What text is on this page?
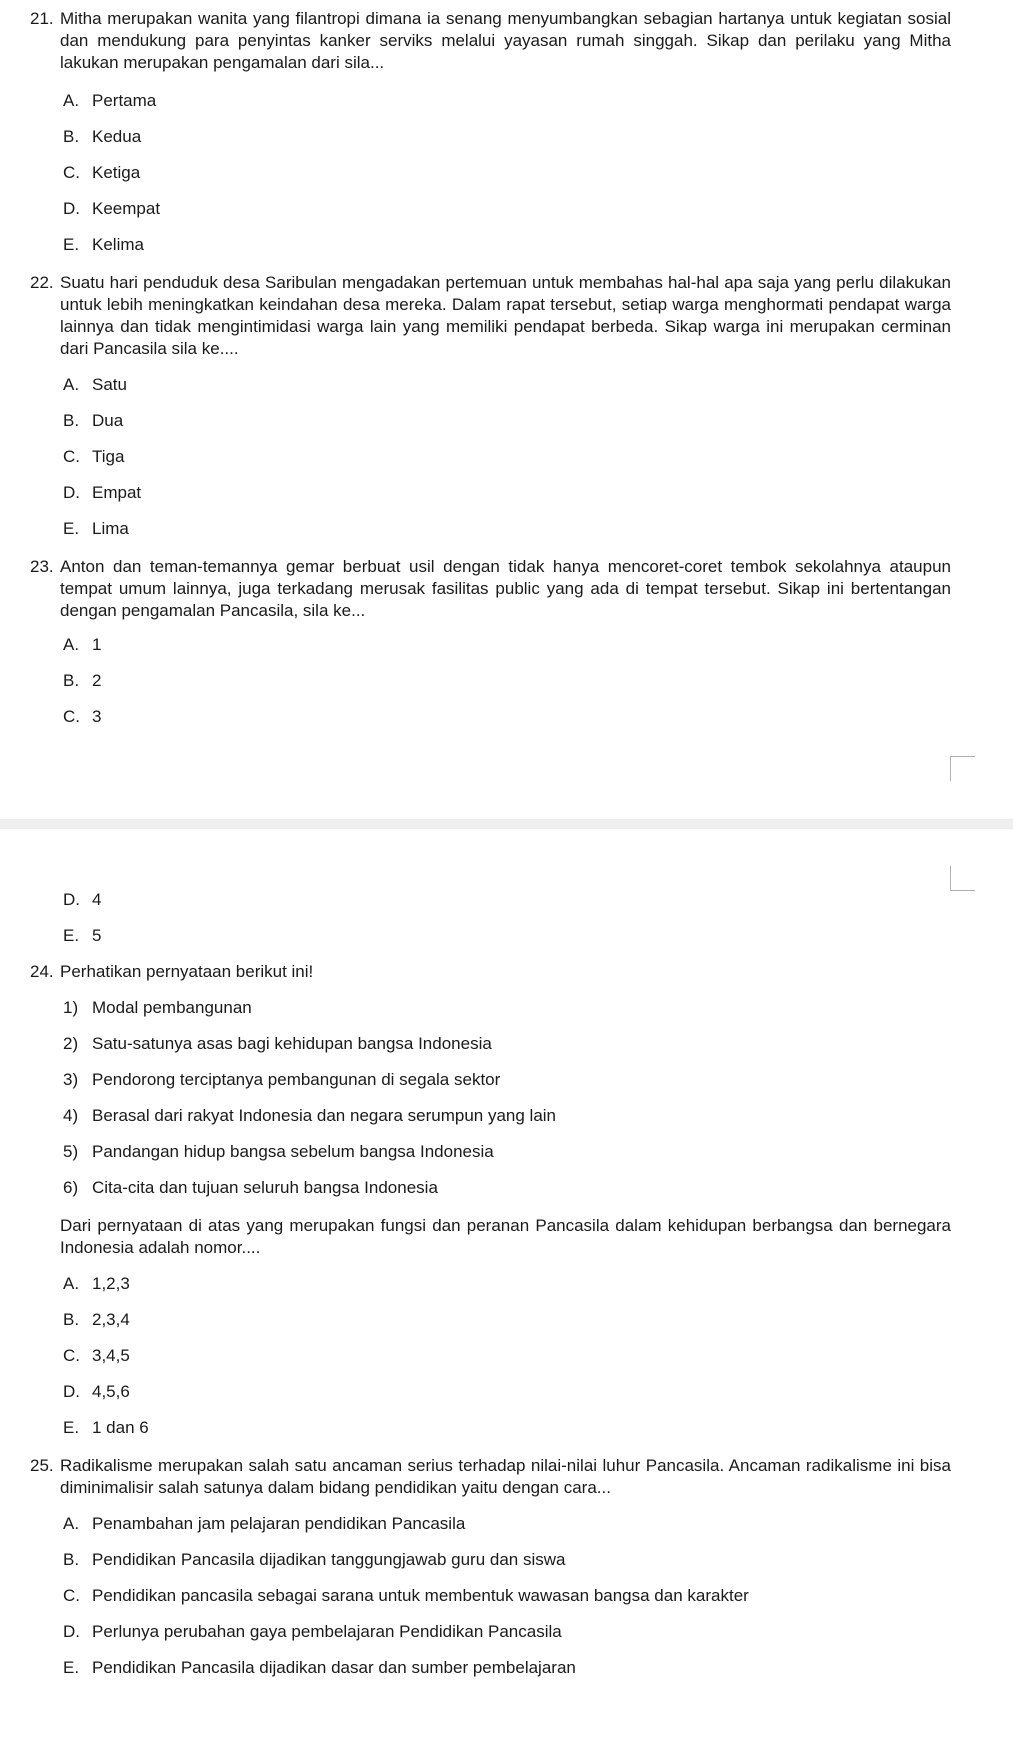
21. Mitha merupakan wanita yang filantropi dimana ia senang menyumbangkan sebagian hartanya untuk kegiatan sosial dan mendukung para penyintas kanker serviks melalui yayasan rumah singgah. Sikap dan perilaku yang Mitha lakukan merupakan pengamalan dari sila...
A. Pertama
B. Kedua
C. Ketiga
D. Keempat
E. Kelima
22. Suatu hari penduduk desa Saribulan mengadakan pertemuan untuk membahas hal-hal apa saja yang perlu dilakukan untuk lebih meningkatkan keindahan desa mereka. Dalam rapat tersebut, setiap warga menghormati pendapat warga lainnya dan tidak mengintimidasi warga lain yang memiliki pendapat berbeda. Sikap warga ini merupakan cerminan dari Pancasila sila ke....
A. Satu
B. Dua
C. Tiga
D. Empat
E. Lima
23. Anton dan teman-temannya gemar berbuat usil dengan tidak hanya mencoret-coret tembok sekolahnya ataupun tempat umum lainnya, juga terkadang merusak fasilitas public yang ada di tempat tersebut. Sikap ini bertentangan dengan pengamalan Pancasila, sila ke...
A. 1
B. 2
C. 3
D. 4
E. 5
24. Perhatikan pernyataan berikut ini!
1) Modal pembangunan
2) Satu-satunya asas bagi kehidupan bangsa Indonesia
3) Pendorong terciptanya pembangunan di segala sektor
4) Berasal dari rakyat Indonesia dan negara serumpun yang lain
5) Pandangan hidup bangsa sebelum bangsa Indonesia
6) Cita-cita dan tujuan seluruh bangsa Indonesia
Dari pernyataan di atas yang merupakan fungsi dan peranan Pancasila dalam kehidupan berbangsa dan bernegara Indonesia adalah nomor....
A. 1,2,3
B. 2,3,4
C. 3,4,5
D. 4,5,6
E. 1 dan 6
25. Radikalisme merupakan salah satu ancaman serius terhadap nilai-nilai luhur Pancasila. Ancaman radikalisme ini bisa diminimalisir salah satunya dalam bidang pendidikan yaitu dengan cara...
A. Penambahan jam pelajaran pendidikan Pancasila
B. Pendidikan Pancasila dijadikan tanggungjawab guru dan siswa
C. Pendidikan pancasila sebagai sarana untuk membentuk wawasan bangsa dan karakter
D. Perlunya perubahan gaya pembelajaran Pendidikan Pancasila
E. Pendidikan Pancasila dijadikan dasar dan sumber pembelajaran
